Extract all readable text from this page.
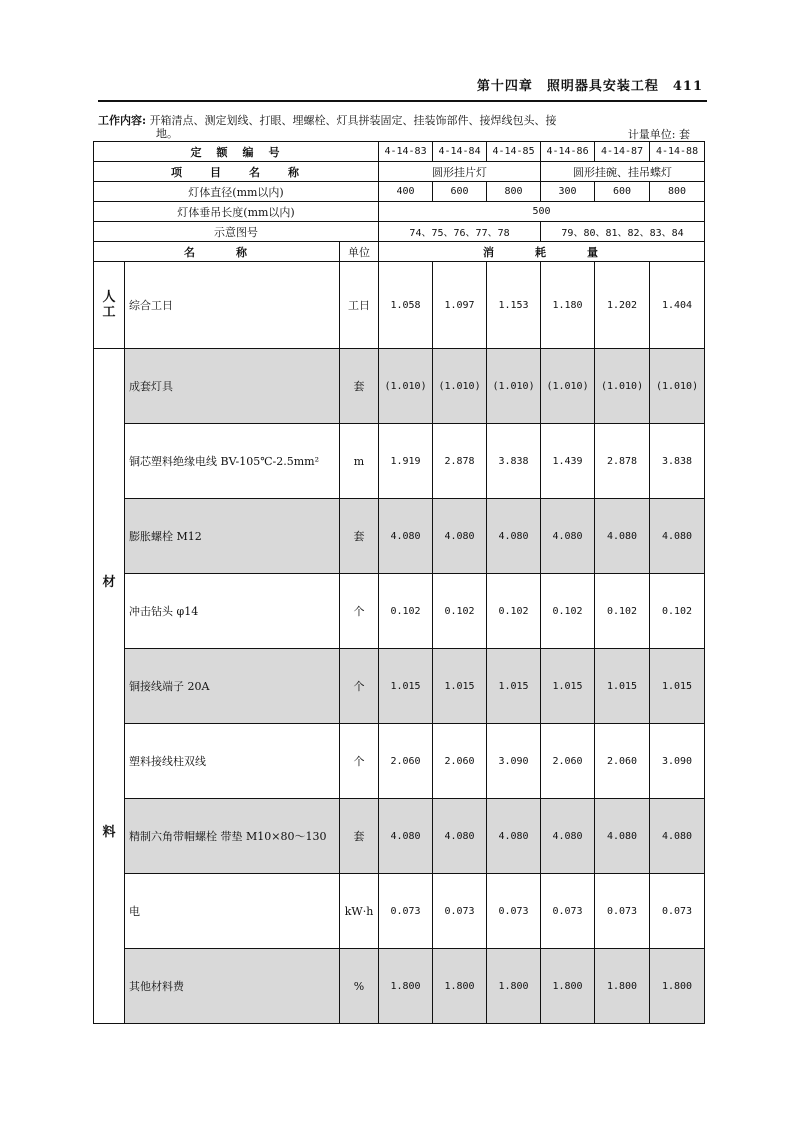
第十四章　照明器具安装工程　411
工作内容: 开箱清点、测定划线、打眼、埋螺栓、灯具拼装固定、挂装饰部件、接焊线包头、接
地。	计量单位: 套
定　额　编　号			4-14-83	4-14-84	4-14-85	4-14-86	4-14-87	4-14-88
项　　目　　名　　称			圆形挂片灯			圆形挂碗、挂吊蝶灯		
灯体直径(mm以内)			400	600	800	300	600	800
灯体垂吊长度(mm以内)			500					
示意图号			74、75、76、77、78			79、80、81、82、83、84		
名　　　称		单位	消　　　耗　　　量					
人
工	综合工日	工日	1.058	1.097	1.153	1.180	1.202	1.404

材
料	成套灯具	套	(1.010)	(1.010)	(1.010)	(1.010)	(1.010)	(1.010)
	铜芯塑料绝缘电线 BV-105℃-2.5mm²	m	1.919	2.878	3.838	1.439	2.878	3.838
	膨胀螺栓 M12	套	4.080	4.080	4.080	4.080	4.080	4.080
	冲击钻头 φ14	个	0.102	0.102	0.102	0.102	0.102	0.102
	铜接线端子 20A	个	1.015	1.015	1.015	1.015	1.015	1.015
	塑料接线柱双线	个	2.060	2.060	3.090	2.060	2.060	3.090
	精制六角带帽螺栓 带垫 M10×80～130	套	4.080	4.080	4.080	4.080	4.080	4.080
	电	kW·h	0.073	0.073	0.073	0.073	0.073	0.073
	其他材料费	%	1.800	1.800	1.800	1.800	1.800	1.800
